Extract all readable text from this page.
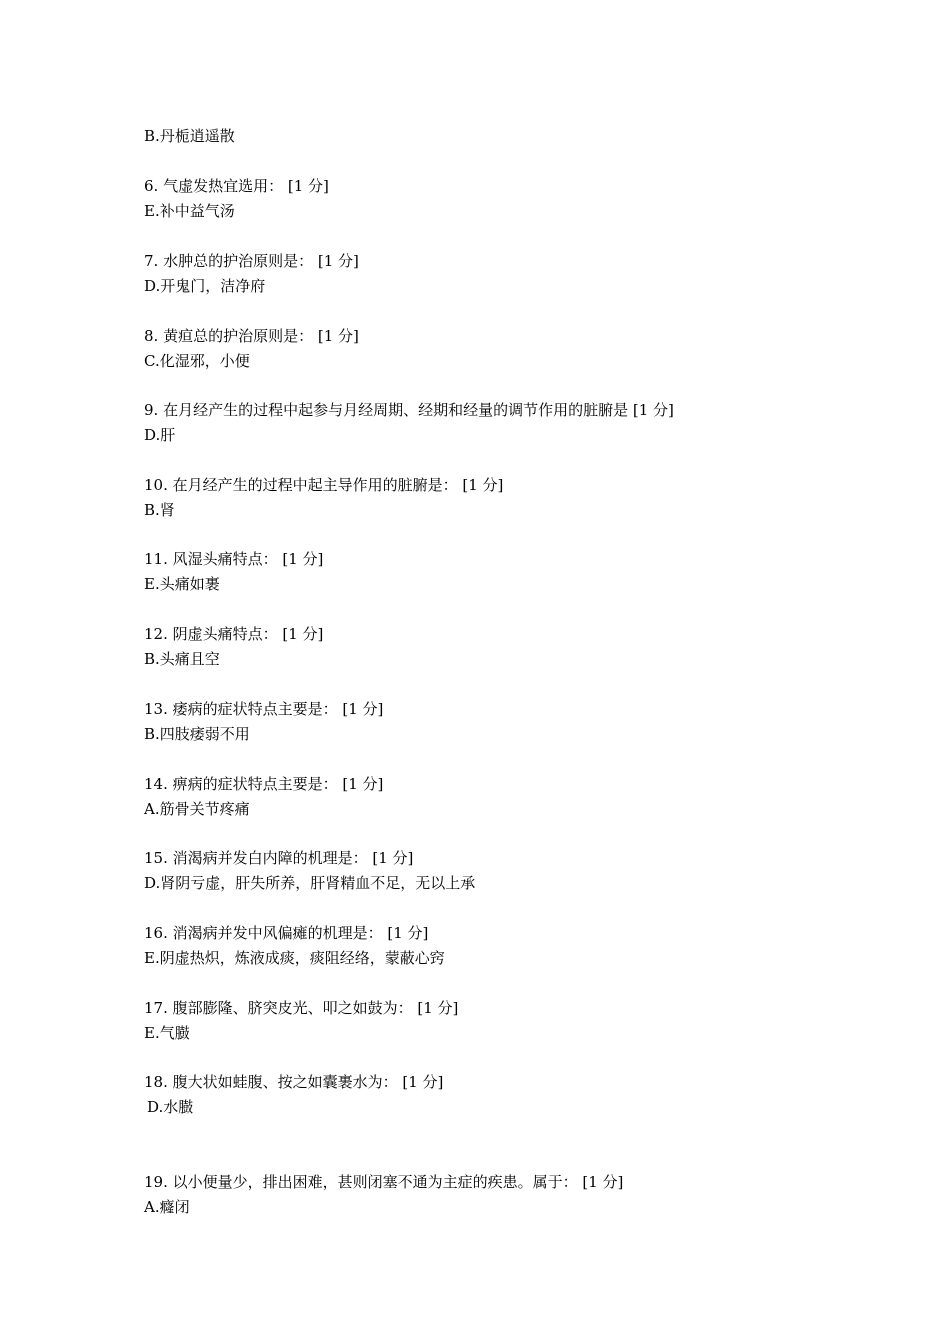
B.丹栀逍遥散
6. 气虚发热宜选用： [1 分]
E.补中益气汤
7. 水肿总的护治原则是： [1 分]
D.开鬼门，洁净府
8. 黄疸总的护治原则是： [1 分]
C.化湿邪，小便
9. 在月经产生的过程中起参与月经周期、经期和经量的调节作用的脏腑是 [1 分]
D.肝
10. 在月经产生的过程中起主导作用的脏腑是： [1 分]
B.肾
11. 风湿头痛特点： [1 分]
E.头痛如裹
12. 阴虚头痛特点： [1 分]
B.头痛且空
13. 痿病的症状特点主要是： [1 分]
B.四肢痿弱不用
14. 痹病的症状特点主要是： [1 分]
A.筋骨关节疼痛
15. 消渴病并发白内障的机理是： [1 分]
D.肾阴亏虚，肝失所养，肝肾精血不足，无以上承
16. 消渴病并发中风偏瘫的机理是： [1 分]
E.阴虚热炽，炼液成痰，痰阻经络，蒙蔽心窍
17. 腹部膨隆、脐突皮光、叩之如鼓为： [1 分]
E.气臌
18. 腹大状如蛙腹、按之如囊裹水为： [1 分]
D.水臌
19. 以小便量少，排出困难，甚则闭塞不通为主症的疾患。属于： [1 分]
A.癃闭
